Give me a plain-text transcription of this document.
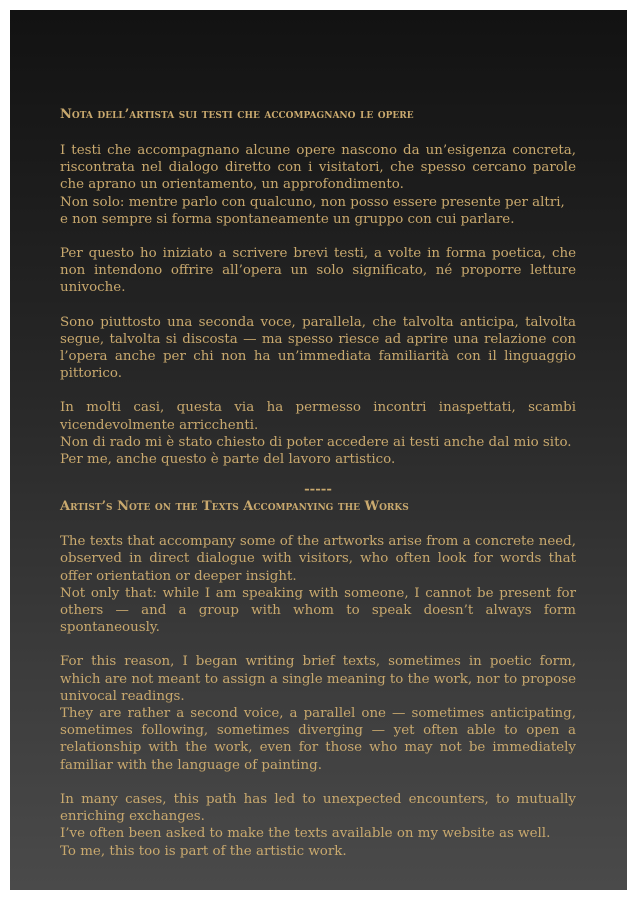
Nota dell’artista sui testi che accompagnano le opere

I testi che accompagnano alcune opere nascono da un’esigenza concreta, riscontrata nel dialogo diretto con i visitatori, che spesso cercano parole che aprano un orientamento, un approfondimento.

Non solo: mentre parlo con qualcuno, non posso essere presente per altri, e non sempre si forma spontaneamente un gruppo con cui parlare.

Per questo ho iniziato a scrivere brevi testi, a volte in forma poetica, che non intendono offrire all’opera un solo significato, né proporre letture univoche.

Sono piuttosto una seconda voce, parallela, che talvolta anticipa, talvolta segue, talvolta si discosta — ma spesso riesce ad aprire una relazione con l’opera anche per chi non ha un’immediata familiarità con il linguaggio pittorico.

In molti casi, questa via ha permesso incontri inaspettati, scambi vicendevolmente arricchenti.

Non di rado mi è stato chiesto di poter accedere ai testi anche dal mio sito.

Per me, anche questo è parte del lavoro artistico.

-----
Artist’s Note on the Texts Accompanying the Works

The texts that accompany some of the artworks arise from a concrete need, observed in direct dialogue with visitors, who often look for words that offer orientation or deeper insight.

Not only that: while I am speaking with someone, I cannot be present for others — and a group with whom to speak doesn’t always form spontaneously.

For this reason, I began writing brief texts, sometimes in poetic form, which are not meant to assign a single meaning to the work, nor to propose univocal readings.

They are rather a second voice, a parallel one — sometimes anticipating, sometimes following, sometimes diverging — yet often able to open a relationship with the work, even for those who may not be immediately familiar with the language of painting.

In many cases, this path has led to unexpected encounters, to mutually enriching exchanges.

I’ve often been asked to make the texts available on my website as well.

To me, this too is part of the artistic work.
